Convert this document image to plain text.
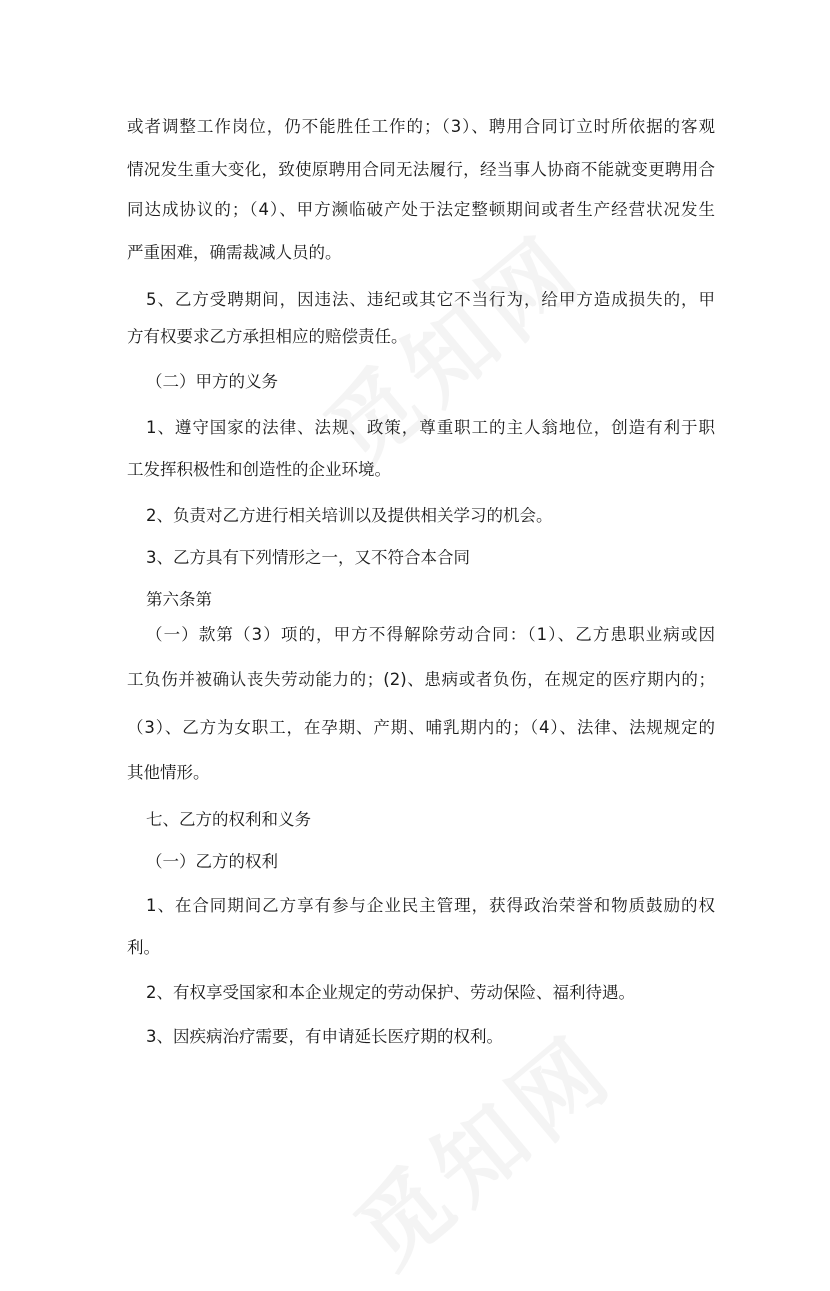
或者调整工作岗位，仍不能胜任工作的；（3）、聘用合同订立时所依据的客观
情况发生重大变化，致使原聘用合同无法履行，经当事人协商不能就变更聘用合
同达成协议的；（4）、甲方濒临破产处于法定整顿期间或者生产经营状况发生
严重困难，确需裁减人员的。
5、乙方受聘期间，因违法、违纪或其它不当行为，给甲方造成损失的，甲
方有权要求乙方承担相应的赔偿责任。
（二）甲方的义务
1、遵守国家的法律、法规、政策，尊重职工的主人翁地位，创造有利于职
工发挥积极性和创造性的企业环境。
2、负责对乙方进行相关培训以及提供相关学习的机会。
3、乙方具有下列情形之一，又不符合本合同
第六条第
（一）款第（3）项的，甲方不得解除劳动合同：（1）、乙方患职业病或因
工负伤并被确认丧失劳动能力的；(2)、患病或者负伤，在规定的医疗期内的；
（3）、乙方为女职工，在孕期、产期、哺乳期内的；（4）、法律、法规规定的
其他情形。
七、乙方的权利和义务
（一）乙方的权利
1、在合同期间乙方享有参与企业民主管理，获得政治荣誉和物质鼓励的权
利。
2、有权享受国家和本企业规定的劳动保护、劳动保险、福利待遇。
3、因疾病治疗需要，有申请延长医疗期的权利。
